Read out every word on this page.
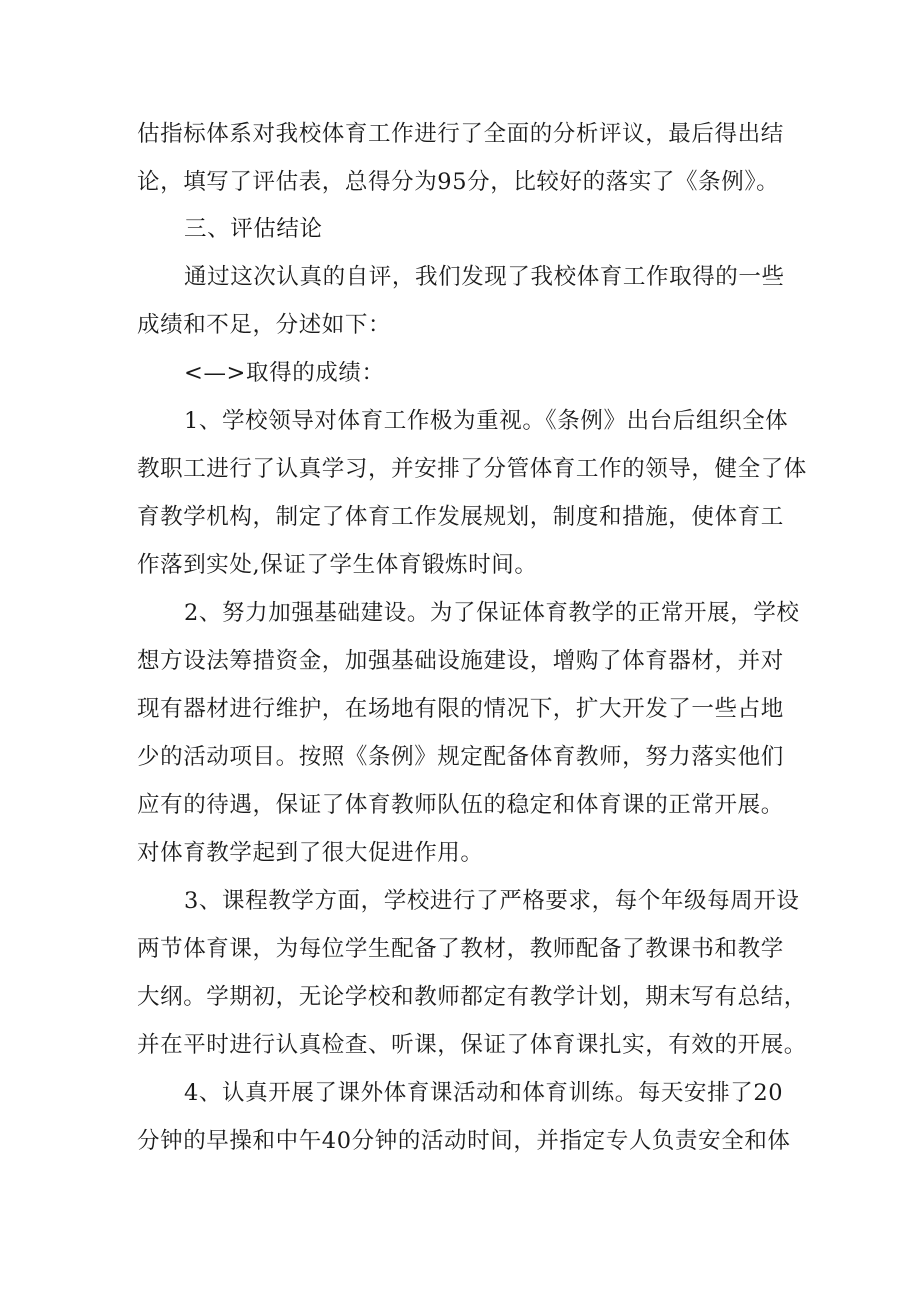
估指标体系对我校体育工作进行了全面的分析评议，最后得出结
论，填写了评估表，总得分为95分，比较好的落实了《条例》。
三、评估结论
通过这次认真的自评，我们发现了我校体育工作取得的一些
成绩和不足，分述如下：
<—>取得的成绩：
1、学校领导对体育工作极为重视。《条例》出台后组织全体
教职工进行了认真学习，并安排了分管体育工作的领导，健全了体
育教学机构，制定了体育工作发展规划，制度和措施，使体育工
作落到实处,保证了学生体育锻炼时间。
2、努力加强基础建设。为了保证体育教学的正常开展，学校
想方设法筹措资金，加强基础设施建设，增购了体育器材，并对
现有器材进行维护，在场地有限的情况下，扩大开发了一些占地
少的活动项目。按照《条例》规定配备体育教师，努力落实他们
应有的待遇，保证了体育教师队伍的稳定和体育课的正常开展。
对体育教学起到了很大促进作用。
3、课程教学方面，学校进行了严格要求，每个年级每周开设
两节体育课，为每位学生配备了教材，教师配备了教课书和教学
大纲。学期初，无论学校和教师都定有教学计划，期末写有总结，
并在平时进行认真检查、听课，保证了体育课扎实，有效的开展。
4、认真开展了课外体育课活动和体育训练。每天安排了20
分钟的早操和中午40分钟的活动时间，并指定专人负责安全和体
